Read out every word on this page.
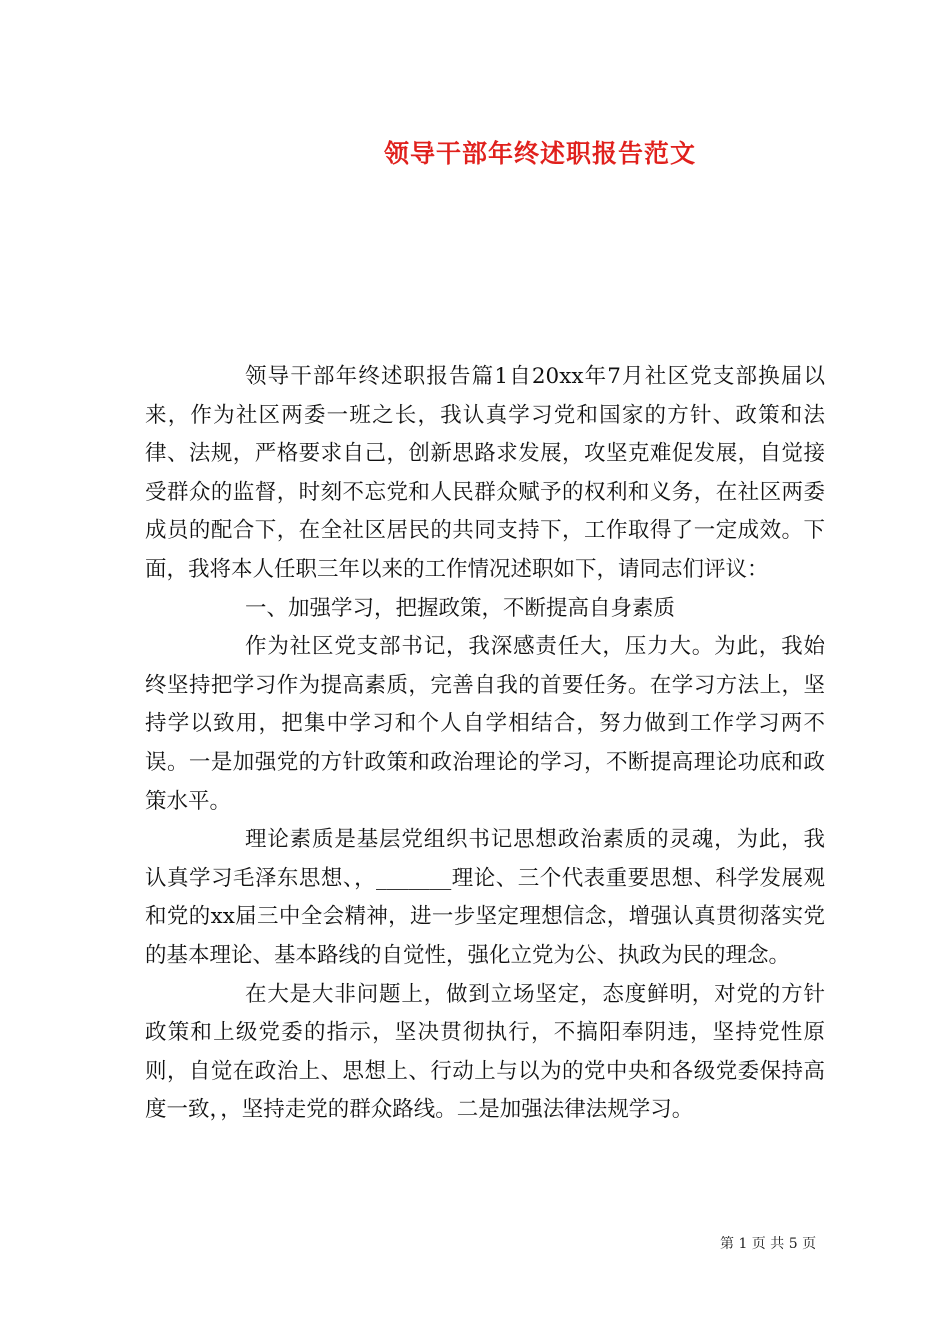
领导干部年终述职报告范文

领导干部年终述职报告篇1自20xx年7月社区党支部换届以来，作为社区两委一班之长，我认真学习党和国家的方针、政策和法律、法规，严格要求自己，创新思路求发展，攻坚克难促发展，自觉接受群众的监督，时刻不忘党和人民群众赋予的权利和义务，在社区两委成员的配合下，在全社区居民的共同支持下，工作取得了一定成效。下面，我将本人任职三年以来的工作情况述职如下，请同志们评议：

一、加强学习，把握政策，不断提高自身素质

作为社区党支部书记，我深感责任大，压力大。为此，我始终坚持把学习作为提高素质，完善自我的首要任务。在学习方法上，坚持学以致用，把集中学习和个人自学相结合，努力做到工作学习两不误。一是加强党的方针政策和政治理论的学习，不断提高理论功底和政策水平。

理论素质是基层党组织书记思想政治素质的灵魂，为此，我认真学习毛泽东思想、，_______理论、三个代表重要思想、科学发展观和党的xx届三中全会精神，进一步坚定理想信念，增强认真贯彻落实党的基本理论、基本路线的自觉性，强化立党为公、执政为民的理念。

在大是大非问题上，做到立场坚定，态度鲜明，对党的方针政策和上级党委的指示，坚决贯彻执行，不搞阳奉阴违，坚持党性原则，自觉在政治上、思想上、行动上与以为的党中央和各级党委保持高度一致，，坚持走党的群众路线。二是加强法律法规学习。

第 1 页 共 5 页
